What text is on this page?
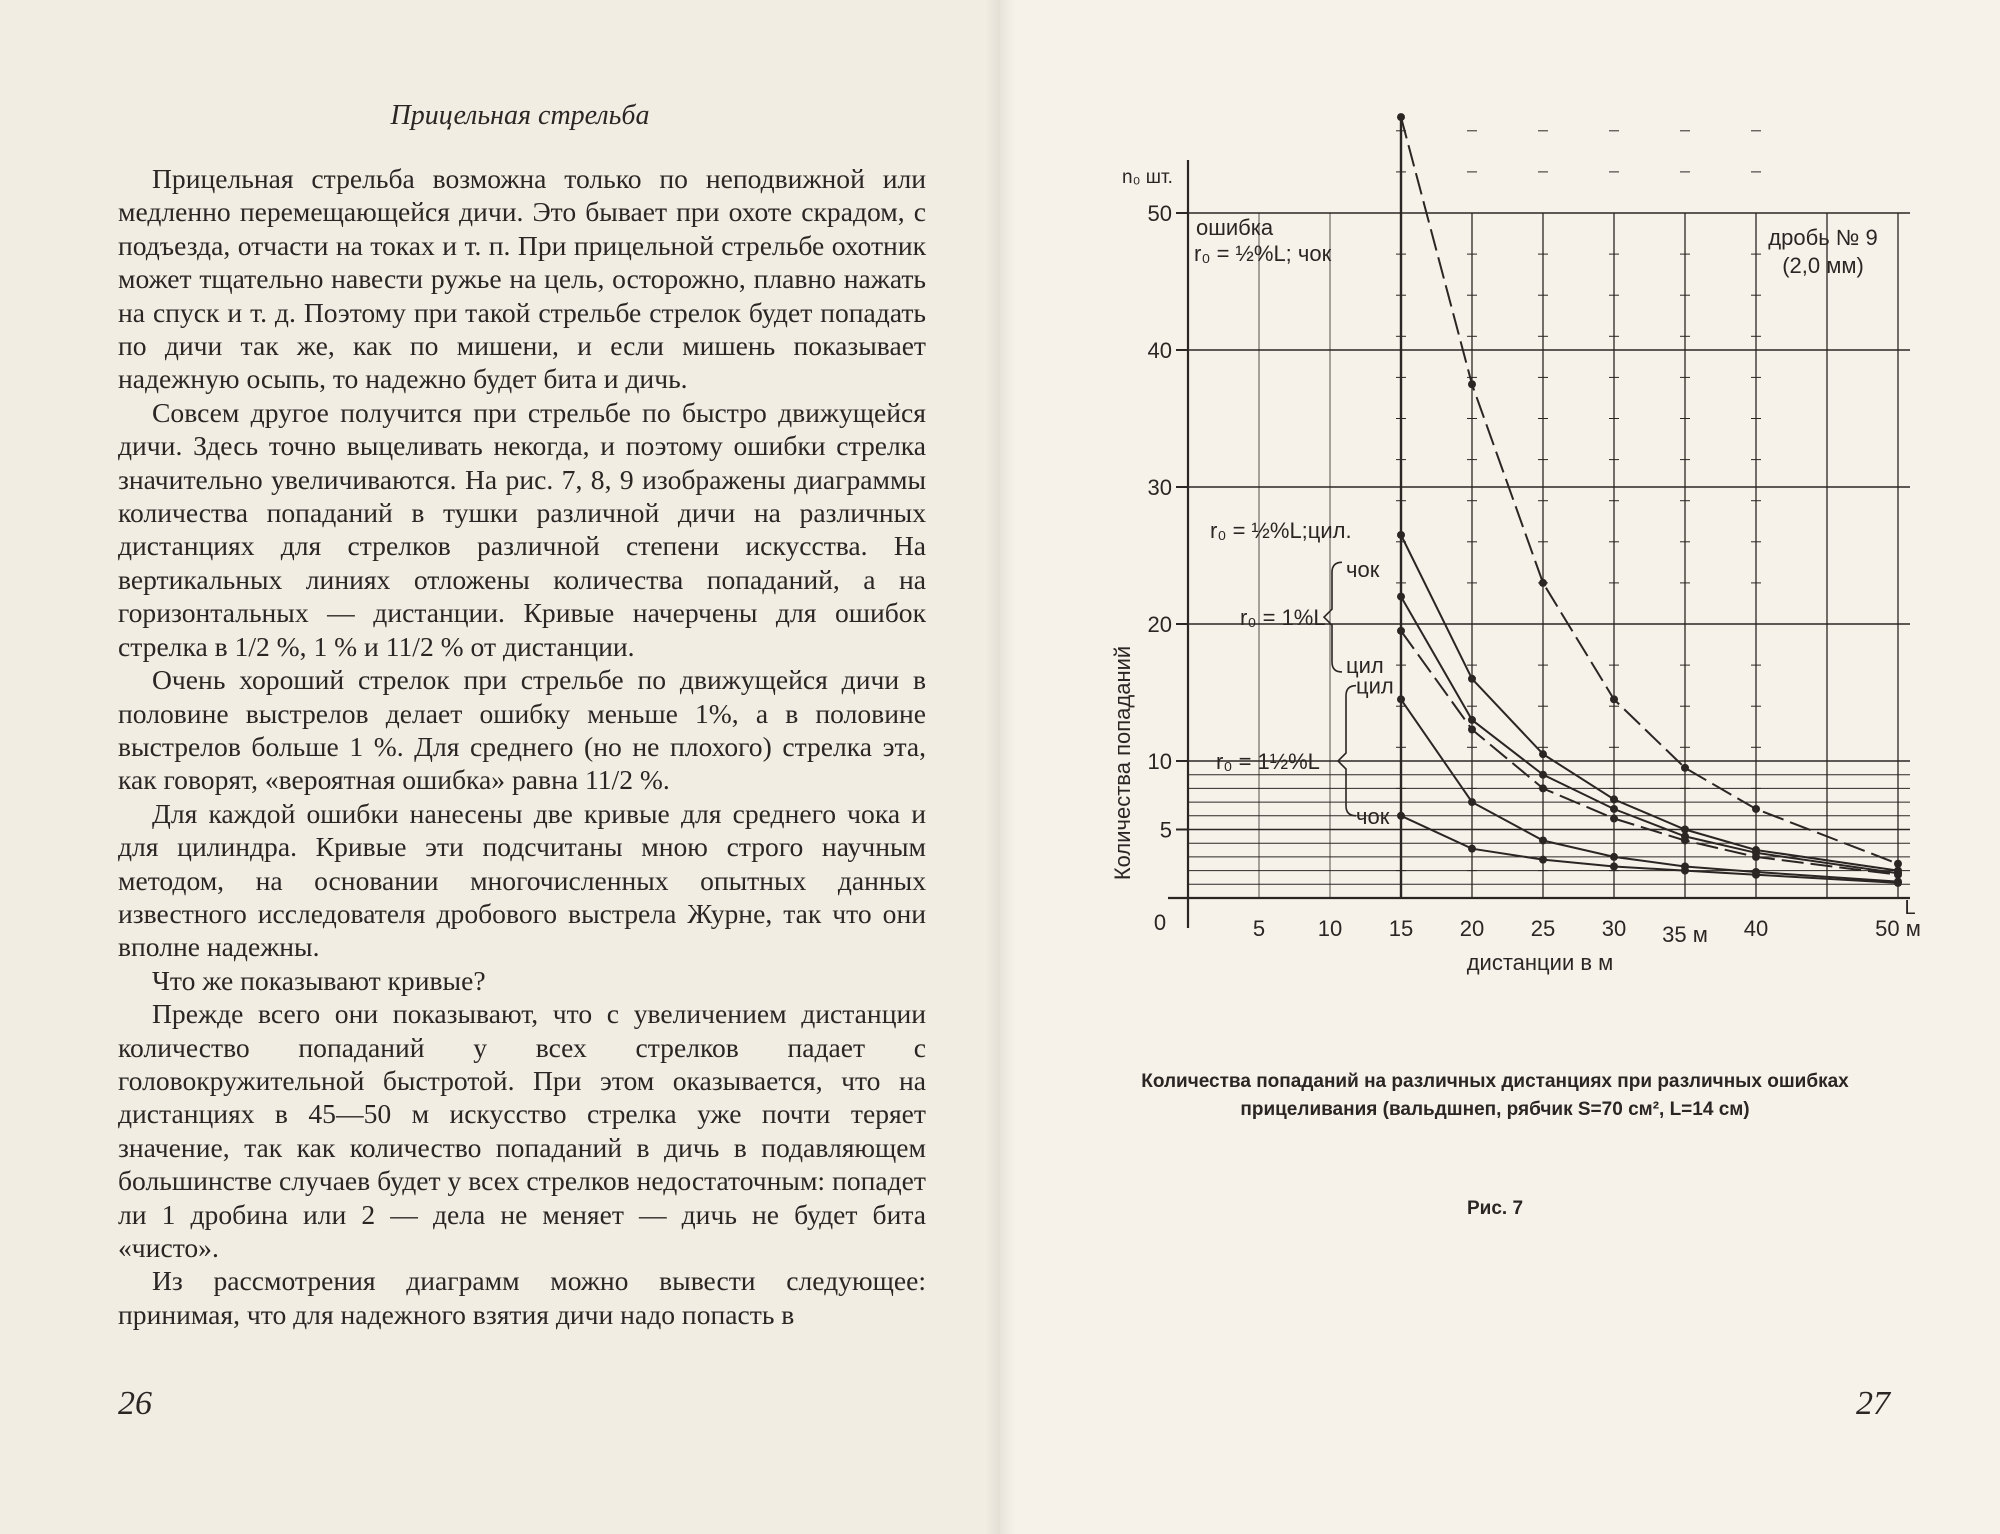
Прицельная стрельба

Прицельная стрельба возможна только по неподвижной или медленно перемещающейся дичи. Это бывает при охоте скрадом, с подъезда, отчасти на токах и т. п. При прицельной стрельбе охотник может тщательно навести ружье на цель, осторожно, плавно нажать на спуск и т. д. Поэтому при такой стрельбе стрелок будет попадать по дичи так же, как по мишени, и если мишень показывает надежную осыпь, то надежно будет бита и дичь.

Совсем другое получится при стрельбе по быстро движущейся дичи. Здесь точно выцеливать некогда, и поэтому ошибки стрелка значительно увеличиваются. На рис. 7, 8, 9 изображены диаграммы количества попаданий в тушки различной дичи на различных дистанциях для стрелков различной степени искусства. На вертикальных линиях отложены количества попаданий, а на горизонтальных — дистанции. Кривые начерчены для ошибок стрелка в 1/2 %, 1 % и 11/2 % от дистанции.

Очень хороший стрелок при стрельбе по движущейся дичи в половине выстрелов делает ошибку меньше 1%, а в половине выстрелов больше 1 %. Для среднего (но не плохого) стрелка эта, как говорят, «вероятная ошибка» равна 11/2 %.

Для каждой ошибки нанесены две кривые для среднего чока и для цилиндра. Кривые эти подсчитаны мною строго научным методом, на основании многочисленных опытных данных известного исследователя дробового выстрела Журне, так что они вполне надежны.

Что же показывают кривые?

Прежде всего они показывают, что с увеличением дистанции количество попаданий у всех стрелков падает с головокружительной быстротой. При этом оказывается, что на дистанциях в 45—50 м искусство стрелка уже почти теряет значение, так как количество попаданий в дичь в подавляющем большинстве случаев будет у всех стрелков недостаточным: попадет ли 1 дробина или 2 — дела не меняет — дичь не будет бита «чисто».

Из рассмотрения диаграмм можно вывести следующее: принимая, что для надежного взятия дичи надо попасть в

26
0
5
10
20
30
40
50
5 10 15 20 25 30 35 м 40	50 м
L
дистанции в м
Количества попаданий
n₀ шт.
дробь № 9
(2,0 мм)
ошибка
r₀ = ½%L; чок
r₀ = ½%L;цил.
r₀ = 1%L
чок
цил
r₀ = 1½%L
цил
чок
27
Количества попаданий на различных дистанциях при различных ошибках прицеливания (вальдшнеп, рябчик S=70 см², L=14 см)
Рис. 7
